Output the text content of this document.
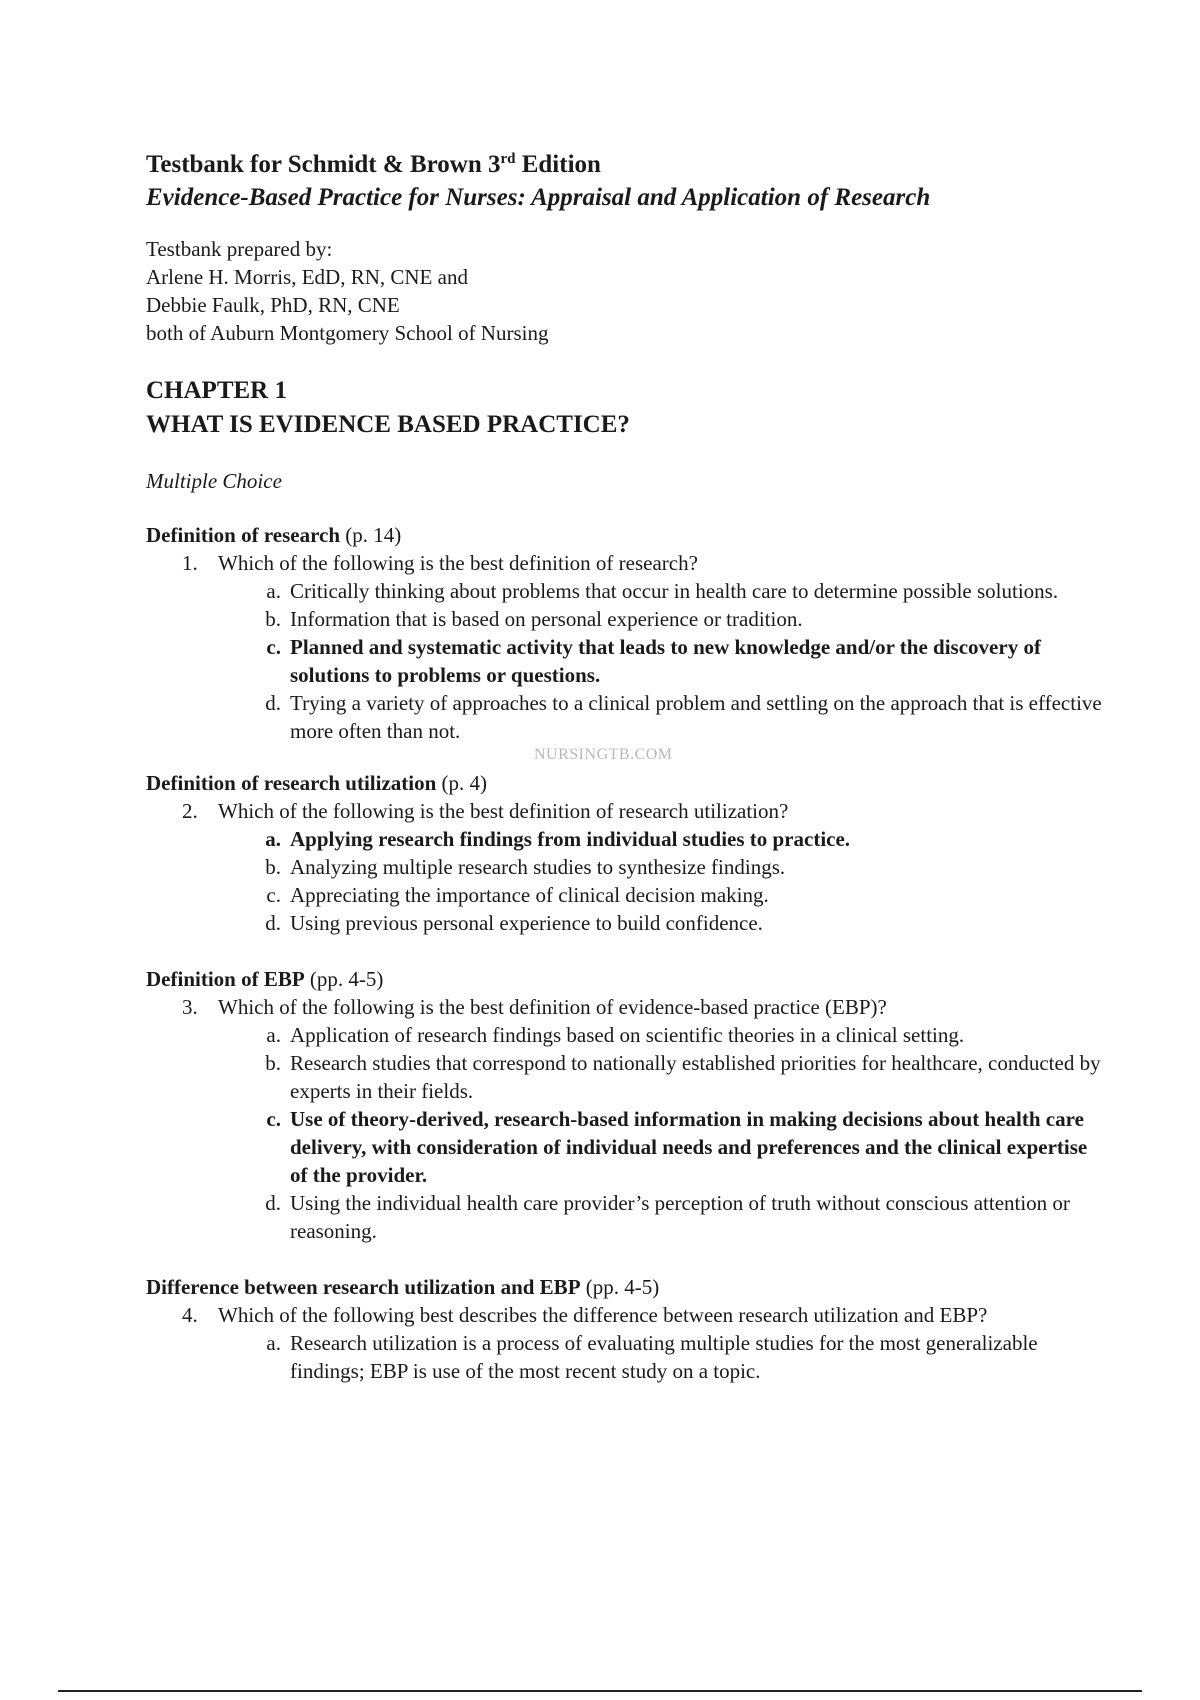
Testbank for Schmidt & Brown 3rd Edition
Evidence-Based Practice for Nurses: Appraisal and Application of Research
Testbank prepared by:
Arlene H. Morris, EdD, RN, CNE and
Debbie Faulk, PhD, RN, CNE
both of Auburn Montgomery School of Nursing
CHAPTER 1
WHAT IS EVIDENCE BASED PRACTICE?
Multiple Choice
Definition of research (p. 14)
1. Which of the following is the best definition of research?
a. Critically thinking about problems that occur in health care to determine possible solutions.
b. Information that is based on personal experience or tradition.
c. Planned and systematic activity that leads to new knowledge and/or the discovery of solutions to problems or questions.
d. Trying a variety of approaches to a clinical problem and settling on the approach that is effective more often than not.
NURSINGTB.COM
Definition of research utilization (p. 4)
2. Which of the following is the best definition of research utilization?
a. Applying research findings from individual studies to practice.
b. Analyzing multiple research studies to synthesize findings.
c. Appreciating the importance of clinical decision making.
d. Using previous personal experience to build confidence.
Definition of EBP (pp. 4-5)
3. Which of the following is the best definition of evidence-based practice (EBP)?
a. Application of research findings based on scientific theories in a clinical setting.
b. Research studies that correspond to nationally established priorities for healthcare, conducted by experts in their fields.
c. Use of theory-derived, research-based information in making decisions about health care delivery, with consideration of individual needs and preferences and the clinical expertise of the provider.
d. Using the individual health care provider’s perception of truth without conscious attention or reasoning.
Difference between research utilization and EBP (pp. 4-5)
4. Which of the following best describes the difference between research utilization and EBP?
a. Research utilization is a process of evaluating multiple studies for the most generalizable findings; EBP is use of the most recent study on a topic.
